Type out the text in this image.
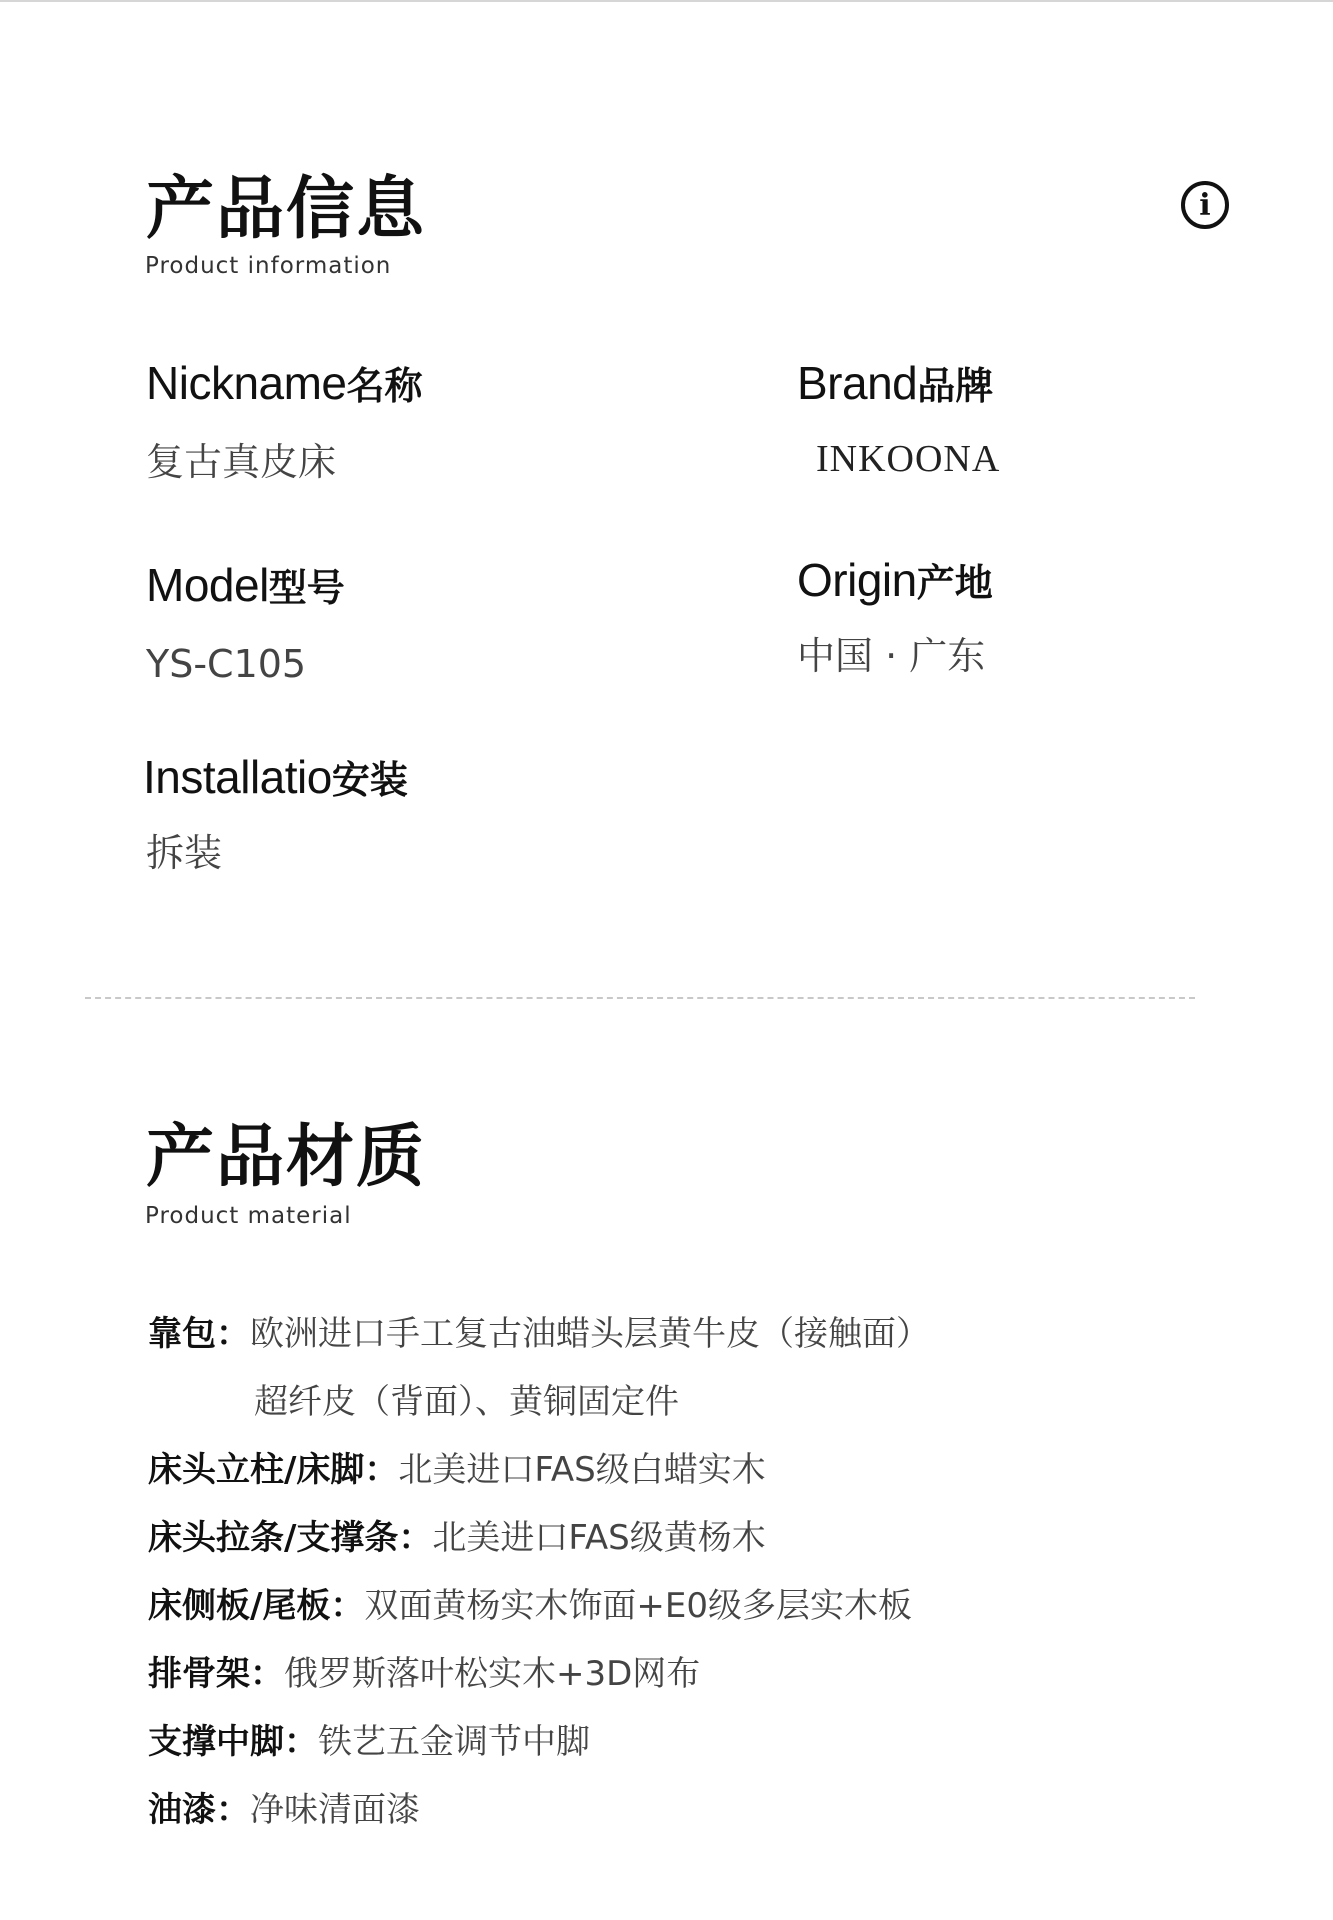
产品信息
Product information
i
Nickname名称
复古真皮床
Brand品牌
INKOONA
Model型号
YS-C105
Origin产地
中国 · 广东
Installatio安装
拆装
产品材质
Product material
靠包：欧洲进口手工复古油蜡头层黄牛皮（接触面）
超纤皮（背面）、黄铜固定件
床头立柱/床脚：北美进口FAS级白蜡实木
床头拉条/支撑条：北美进口FAS级黄杨木
床侧板/尾板：双面黄杨实木饰面+E0级多层实木板
排骨架：俄罗斯落叶松实木+3D网布
支撑中脚：铁艺五金调节中脚
油漆：净味清面漆
